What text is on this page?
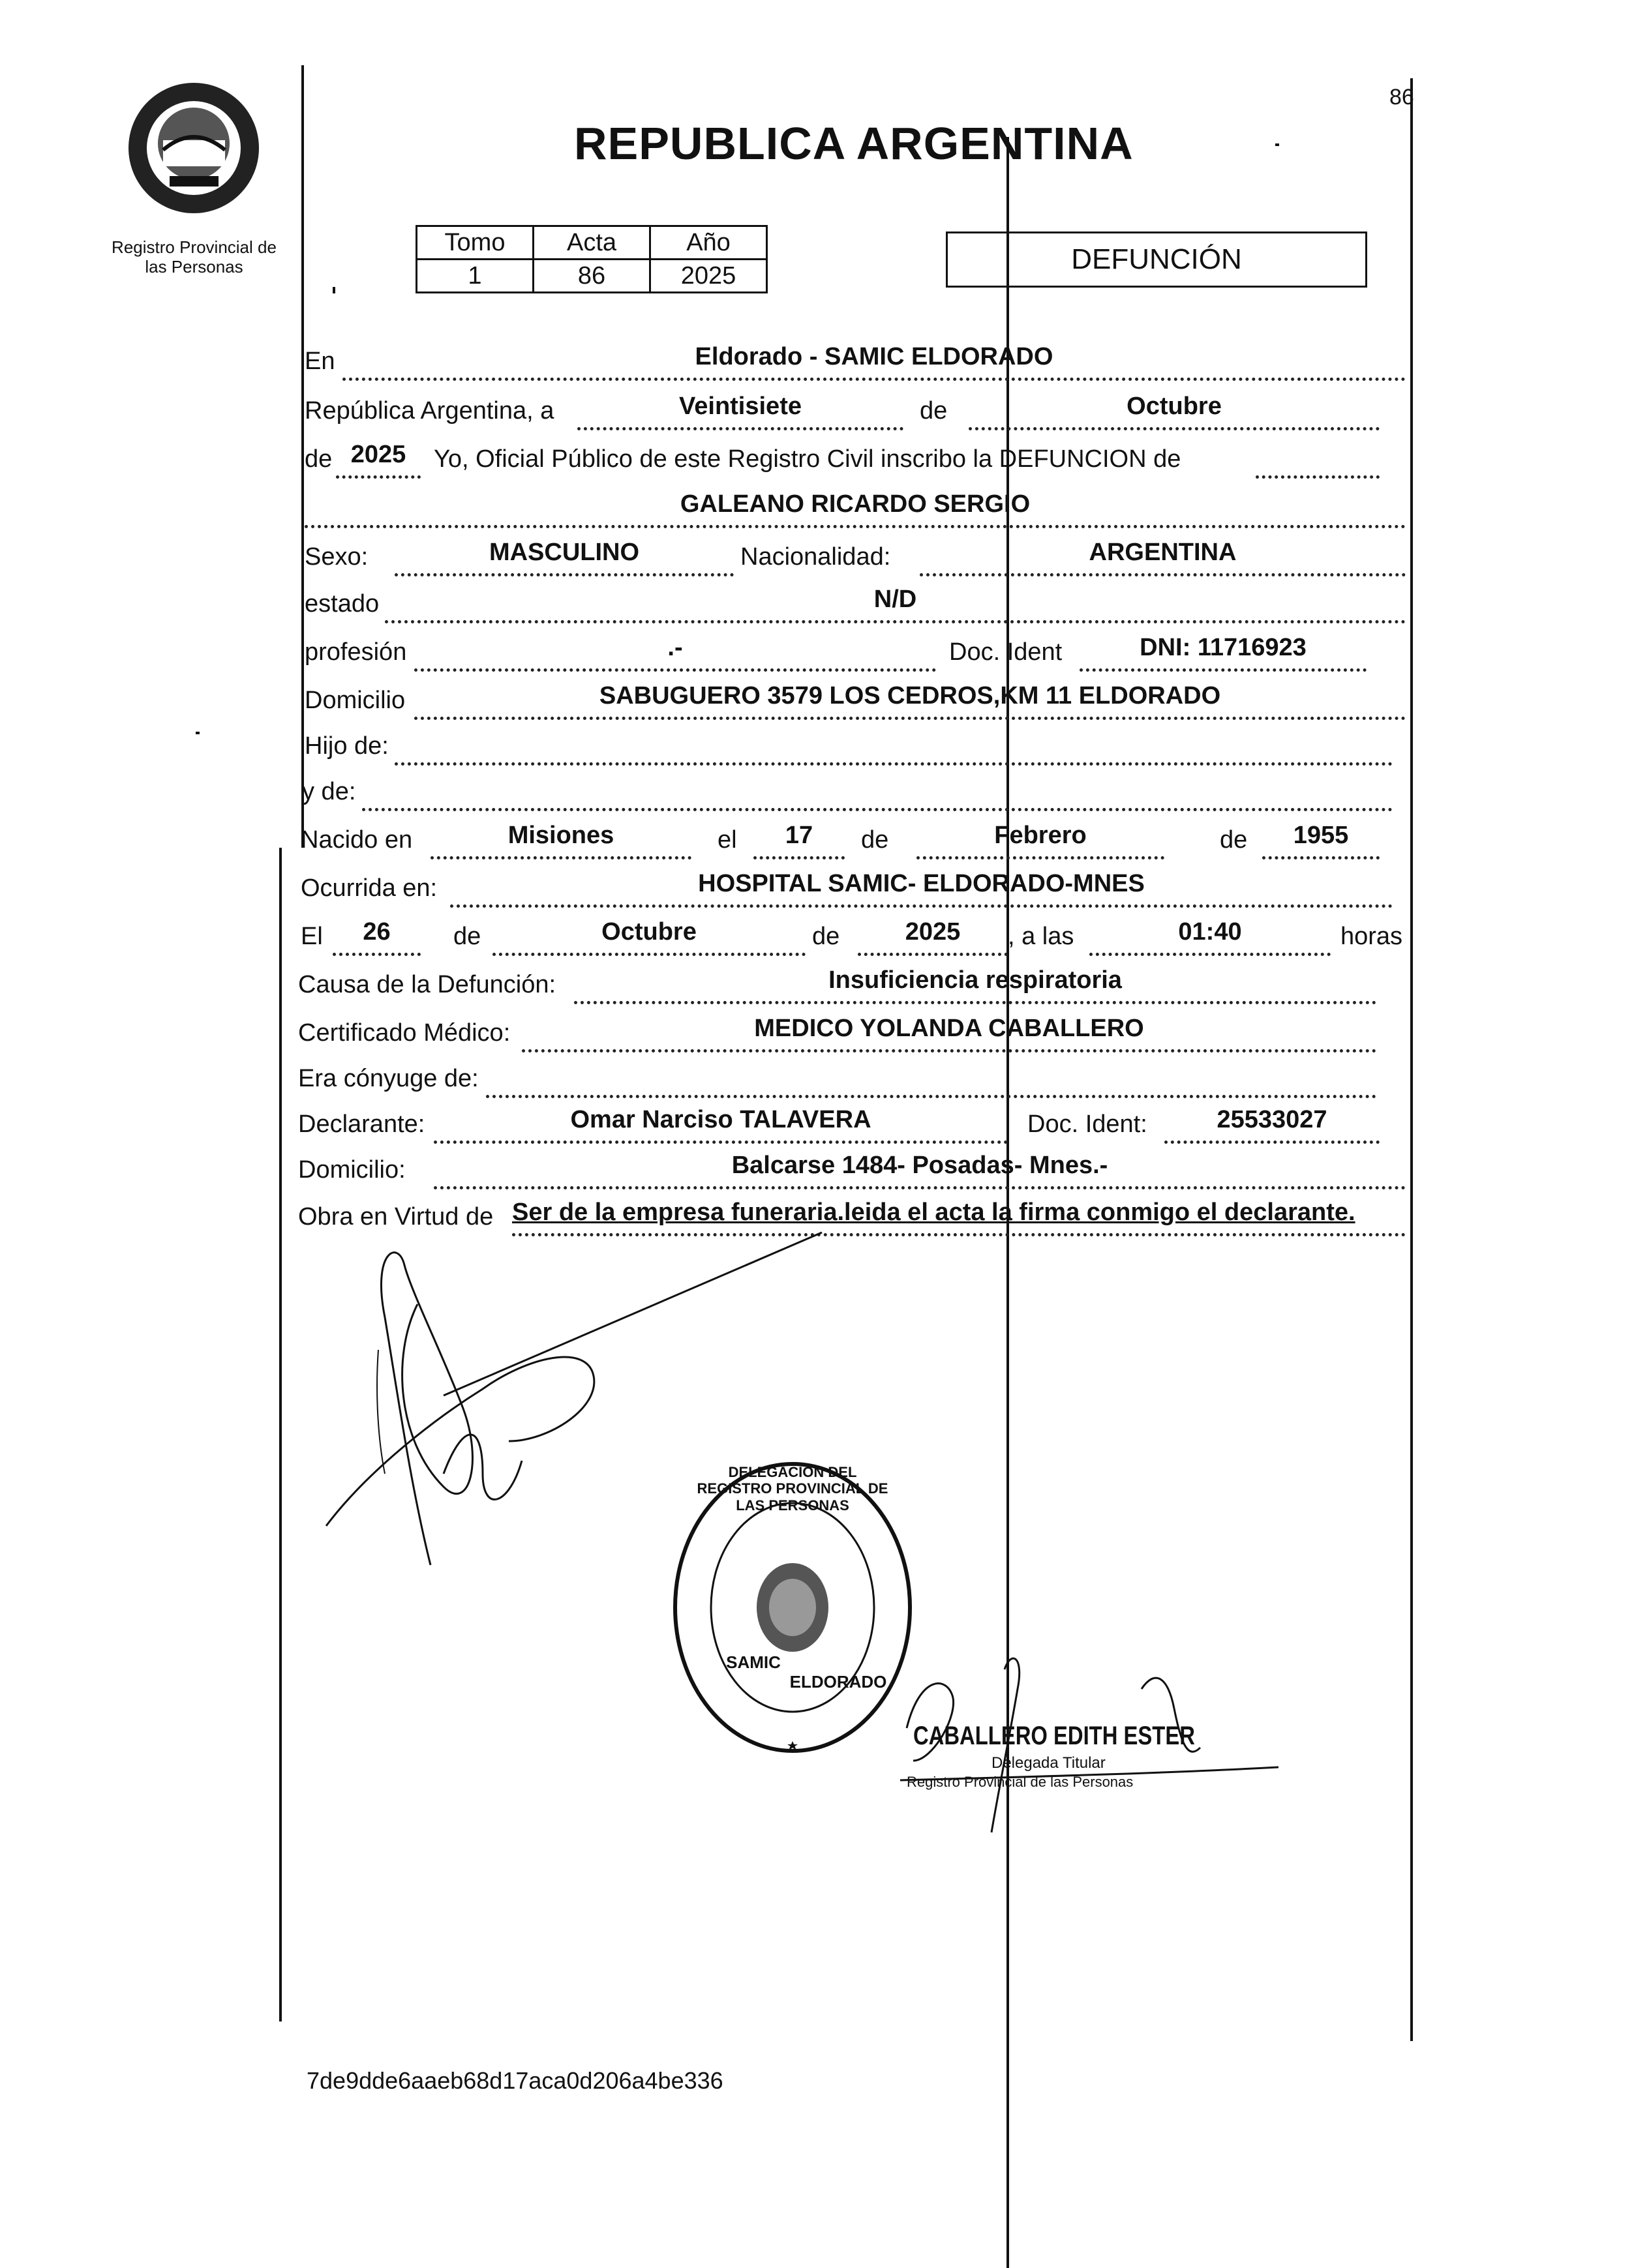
Registro Provincial de
las Personas
REPUBLICA ARGENTINA
86
Tomo	Acta	Año
1	86	2025
DEFUNCIÓN
En	Eldorado - SAMIC ELDORADO
República Argentina, a	Veintisiete	de	Octubre
de 2025	Yo, Oficial Público de este Registro Civil inscribo la DEFUNCION de
GALEANO RICARDO SERGIO
Sexo:	MASCULINO	Nacionalidad:	ARGENTINA
estado	N/D
profesión	.-	Doc. Ident	DNI: 11716923
Domicilio	SABUGUERO 3579 LOS CEDROS,KM 11 ELDORADO
Hijo de:
y de:
Nacido en	Misiones	el	17	de	Febrero	de	1955
Ocurrida en:	HOSPITAL SAMIC- ELDORADO-MNES
El	26	de	Octubre	de	2025	, a las	01:40	horas
Causa de la Defunción:	Insuficiencia respiratoria
Certificado Médico:	MEDICO YOLANDA CABALLERO
Era cónyuge de:
Declarante:	Omar Narciso TALAVERA	Doc. Ident:	25533027
Domicilio:	Balcarse 1484- Posadas- Mnes.-
Obra en Virtud de Ser de la empresa funeraria.leida el acta la firma conmigo el declarante.
DELEGACION DEL REGISTRO PROVINCIAL DE LAS PERSONAS
SAMIC
ELDORADO
CABALLERO EDITH ESTER
Delegada Titular
Registro Provincial de las Personas
7de9dde6aaeb68d17aca0d206a4be336
